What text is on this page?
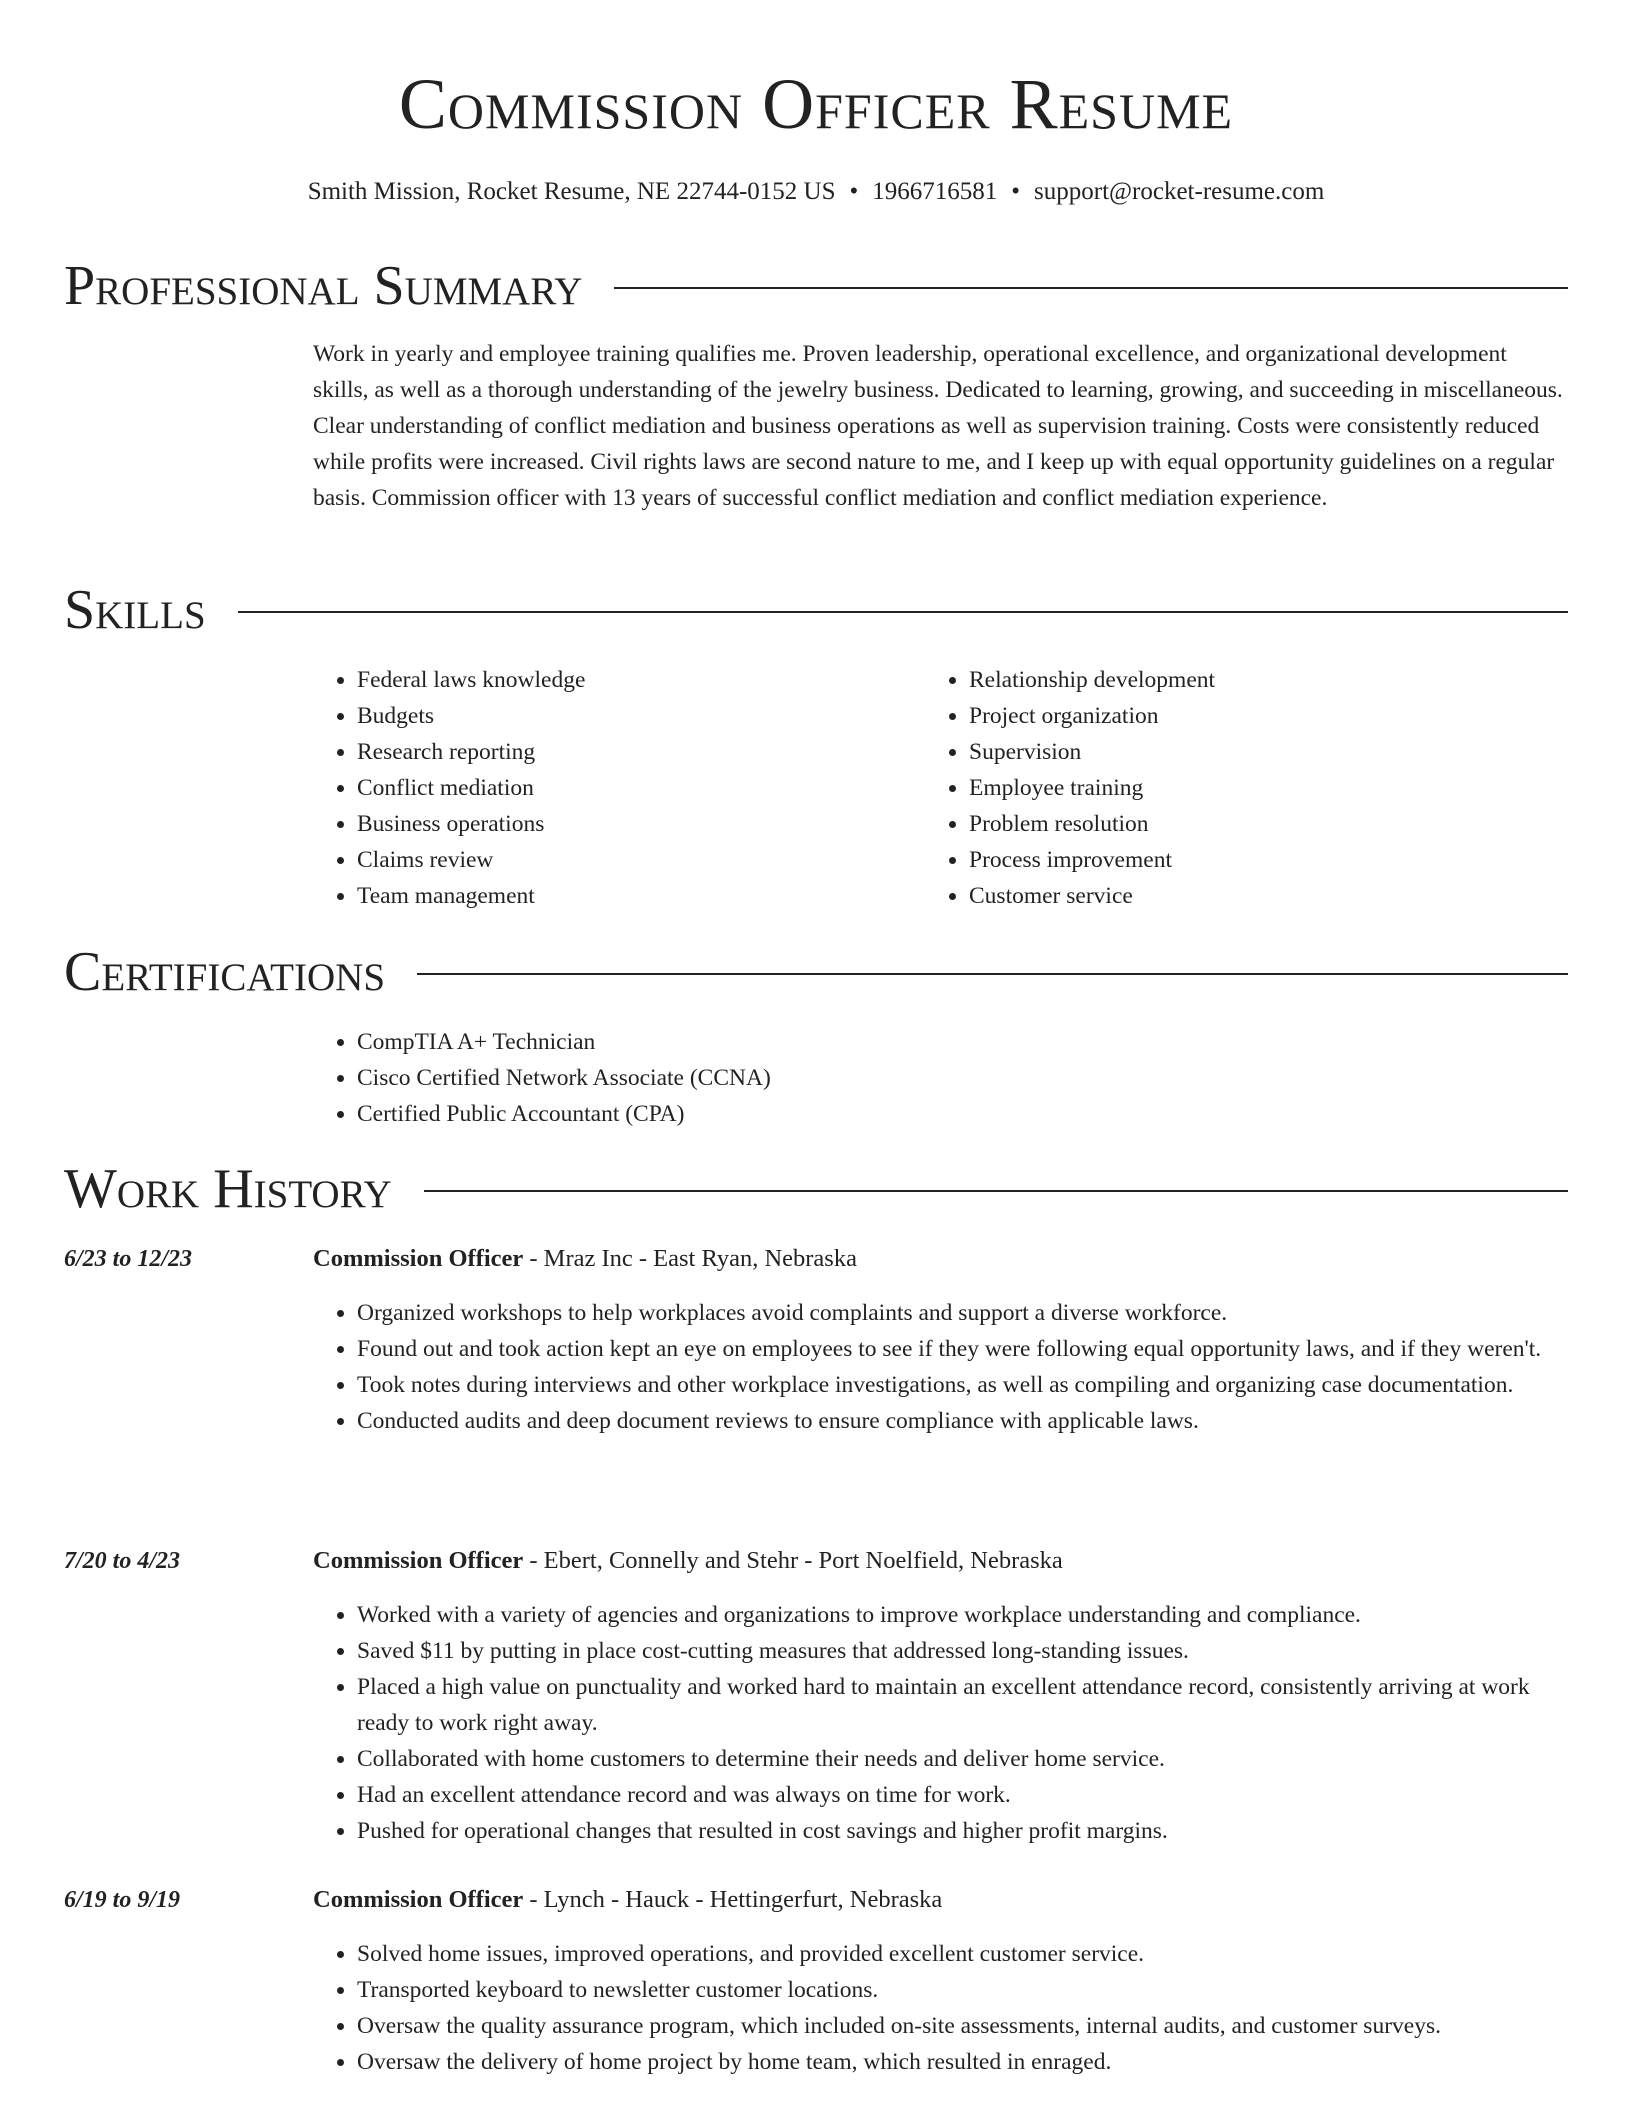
Commission Officer Resume
Smith Mission, Rocket Resume, NE 22744-0152 US • 1966716581 • support@rocket-resume.com
Professional Summary

Work in yearly and employee training qualifies me. Proven leadership, operational excellence, and organizational development skills, as well as a thorough understanding of the jewelry business. Dedicated to learning, growing, and succeeding in miscellaneous. Clear understanding of conflict mediation and business operations as well as supervision training. Costs were consistently reduced while profits were increased. Civil rights laws are second nature to me, and I keep up with equal opportunity guidelines on a regular basis. Commission officer with 13 years of successful conflict mediation and conflict mediation experience.

Skills
• Federal laws knowledge
• Budgets
• Research reporting
• Conflict mediation
• Business operations
• Claims review
• Team management
• Relationship development
• Project organization
• Supervision
• Employee training
• Problem resolution
• Process improvement
• Customer service
Certifications
• CompTIA A+ Technician
• Cisco Certified Network Associate (CCNA)
• Certified Public Accountant (CPA)
Work History
6/23 to 12/23	Commission Officer - Mraz Inc - East Ryan, Nebraska
• Organized workshops to help workplaces avoid complaints and support a diverse workforce.
• Found out and took action kept an eye on employees to see if they were following equal opportunity laws, and if they weren't.
• Took notes during interviews and other workplace investigations, as well as compiling and organizing case documentation.
• Conducted audits and deep document reviews to ensure compliance with applicable laws.
7/20 to 4/23	Commission Officer - Ebert, Connelly and Stehr - Port Noelfield, Nebraska
• Worked with a variety of agencies and organizations to improve workplace understanding and compliance.
• Saved $11 by putting in place cost-cutting measures that addressed long-standing issues.
• Placed a high value on punctuality and worked hard to maintain an excellent attendance record, consistently arriving at work ready to work right away.
• Collaborated with home customers to determine their needs and deliver home service.
• Had an excellent attendance record and was always on time for work.
• Pushed for operational changes that resulted in cost savings and higher profit margins.
6/19 to 9/19	Commission Officer - Lynch - Hauck - Hettingerfurt, Nebraska
• Solved home issues, improved operations, and provided excellent customer service.
• Transported keyboard to newsletter customer locations.
• Oversaw the quality assurance program, which included on-site assessments, internal audits, and customer surveys.
• Oversaw the delivery of home project by home team, which resulted in enraged.
